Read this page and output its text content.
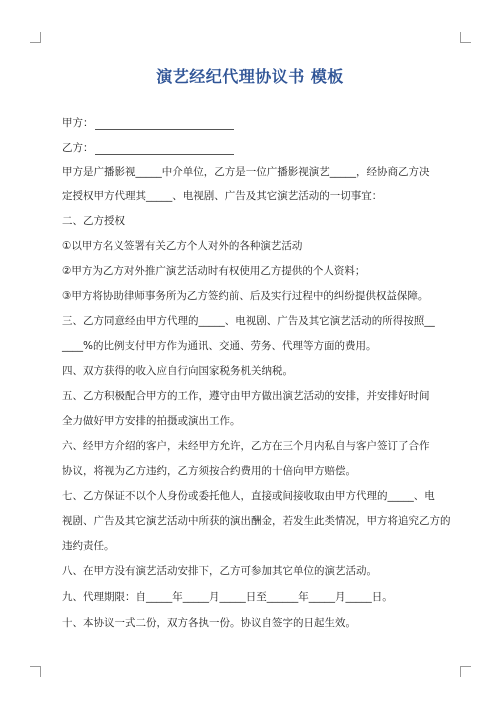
演艺经纪代理协议书 模板
甲方：
乙方：
甲方是广播影视_____中介单位，乙方是一位广播影视演艺_____，经协商乙方决
定授权甲方代理其_____、电视剧、广告及其它演艺活动的一切事宜：
二、乙方授权
①以甲方名义签署有关乙方个人对外的各种演艺活动
②甲方为乙方对外推广演艺活动时有权使用乙方提供的个人资料；
③甲方将协助律师事务所为乙方签约前、后及实行过程中的纠纷提供权益保障。
三、乙方同意经由甲方代理的_____、电视剧、广告及其它演艺活动的所得按照__
____%的比例支付甲方作为通讯、交通、劳务、代理等方面的费用。
四、双方获得的收入应自行向国家税务机关纳税。
五、乙方积极配合甲方的工作，遵守由甲方做出演艺活动的安排，并安排好时间
全力做好甲方安排的拍摄或演出工作。
六、经甲方介绍的客户，未经甲方允许，乙方在三个月内私自与客户签订了合作
协议，将视为乙方违约，乙方须按合约费用的十倍向甲方赔偿。
七、乙方保证不以个人身份或委托他人，直接或间接收取由甲方代理的_____、电
视剧、广告及其它演艺活动中所获的演出酬金，若发生此类情况，甲方将追究乙方的
违约责任。
八、在甲方没有演艺活动安排下，乙方可参加其它单位的演艺活动。
九、代理期限：自_____年_____月_____日至______年_____月_____日。
十、本协议一式二份，双方各执一份。协议自签字的日起生效。
